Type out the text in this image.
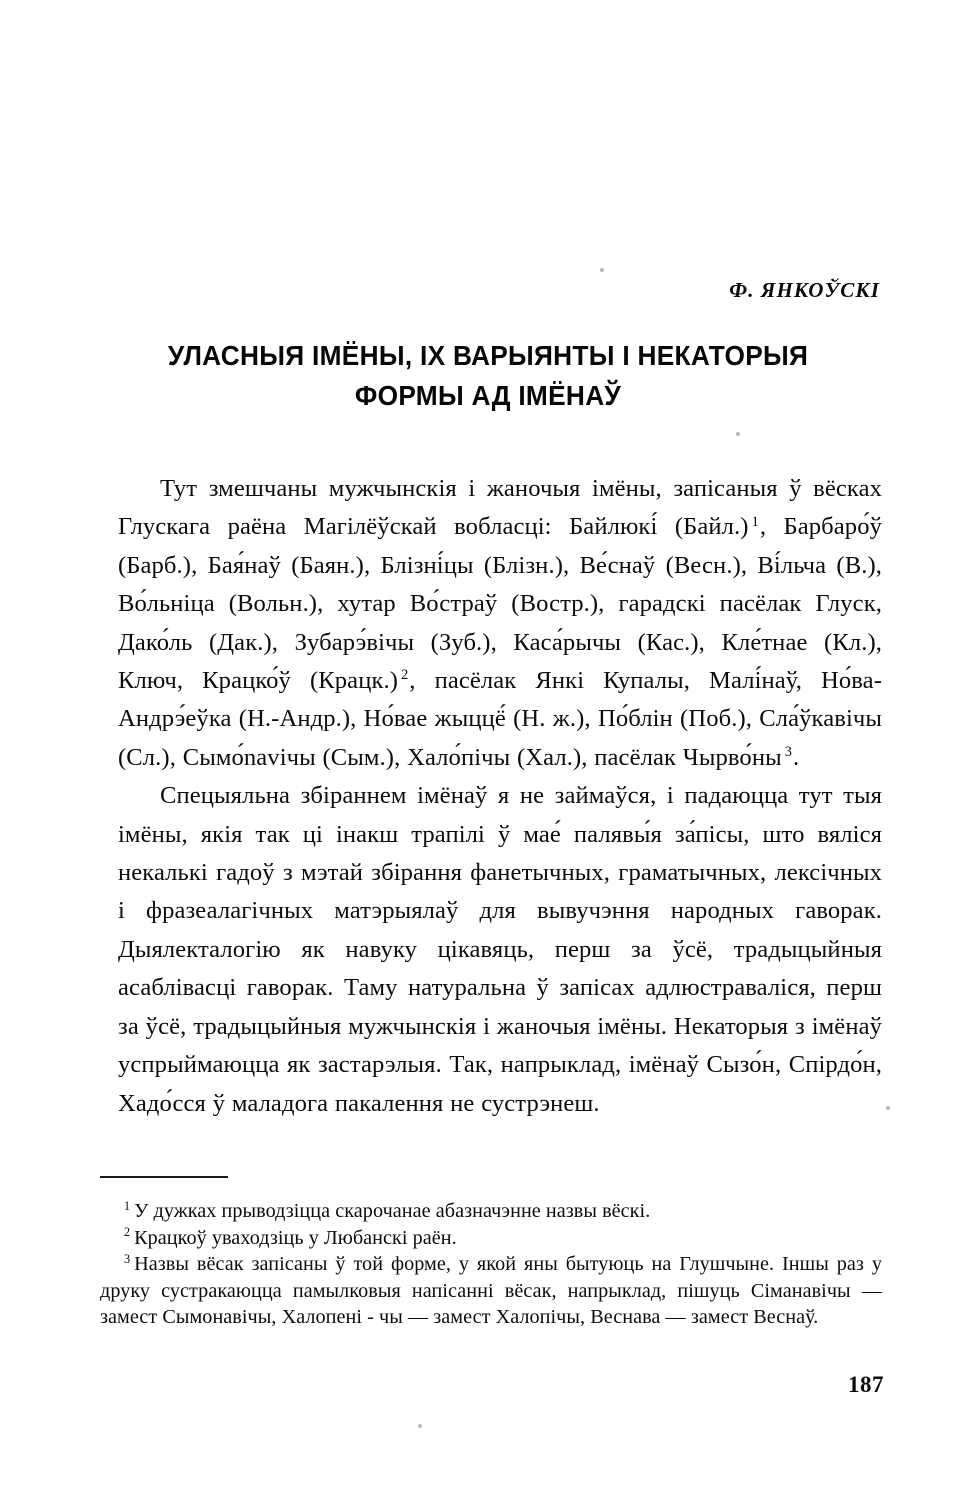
Ф. ЯНКОЎСКІ
УЛАСНЫЯ ІМЁНЫ, ІХ ВАРЫЯНТЫ І НЕКАТОРЫЯ
ФОРМЫ АД ІМЁНАЎ

Тут змешчаны мужчынскія і жаночыя імёны, запісаныя ў вёсках Глускага раёна Магілёўскай вобласці: Байлюкі́ (Байл.) $^1$, Барбаро́ў (Барб.), Бая́наў (Баян.), Блізні́цы (Блізн.), Ве́снаў (Весн.), Ві́льча (В.), Во́льніца (Вольн.), хутар Во́страў (Востр.), гарадскі пасёлак Глуск, Дако́ль (Дак.), Зубарэ́вічы (Зуб.), Каса́рычы (Кас.), Кле́тнае (Кл.), Ключ, Крацко́ў (Крацк.) $^2$, пасёлак Янкі Купалы, Малі́наў, Но́ва-Андрэ́еўка (Н.-Андр.), Но́вае жыццё́ (Н. ж.), По́блін (Поб.), Сла́ўкавічы (Сл.), Сымо́navічы (Сым.), Хало́пічы (Хал.), пасёлак Чырво́ны $^3$.

Спецыяльна збіраннем імёнаў я не займаўся, і падаюцца тут тыя імёны, якія так ці інакш трапілі ў мае́ палявы́я за́пісы, што вяліся некалькі гадоў з мэтай збірання фанетычных, граматычных, лексічных і фразеалагічных матэрыялаў для вывучэння народных гаворак. Дыялекталогію як навуку цікавяць, перш за ўсё, традыцыйныя асаблівасці гаворак. Таму натуральна ў запісах адлюстраваліся, перш за ўсё, традыцыйныя мужчынскія і жаночыя імёны. Некаторыя з імёнаў успрыймаюцца як застарэлыя. Так, напрыклад, імёнаў Сызо́н, Спірдо́н, Хадо́сся ў маладога пакалення не сустрэнеш.

$^1$ У дужках прыводзіцца скарочанае абазначэнне назвы вёскі.

$^2$ Крацкоў уваходзіць у Любанскі раён.

$^3$ Назвы вёсак запісаны ў той форме, у якой яны бытуюць на Глушчыне. Іншы раз у друку сустракаюцца памылковыя напісанні вёсак, напрыклад, пішуць Сіманавічы — замест Сымонавічы, Халопені - чы — замест Халопічы, Веснава — замест Веснаў.

187
